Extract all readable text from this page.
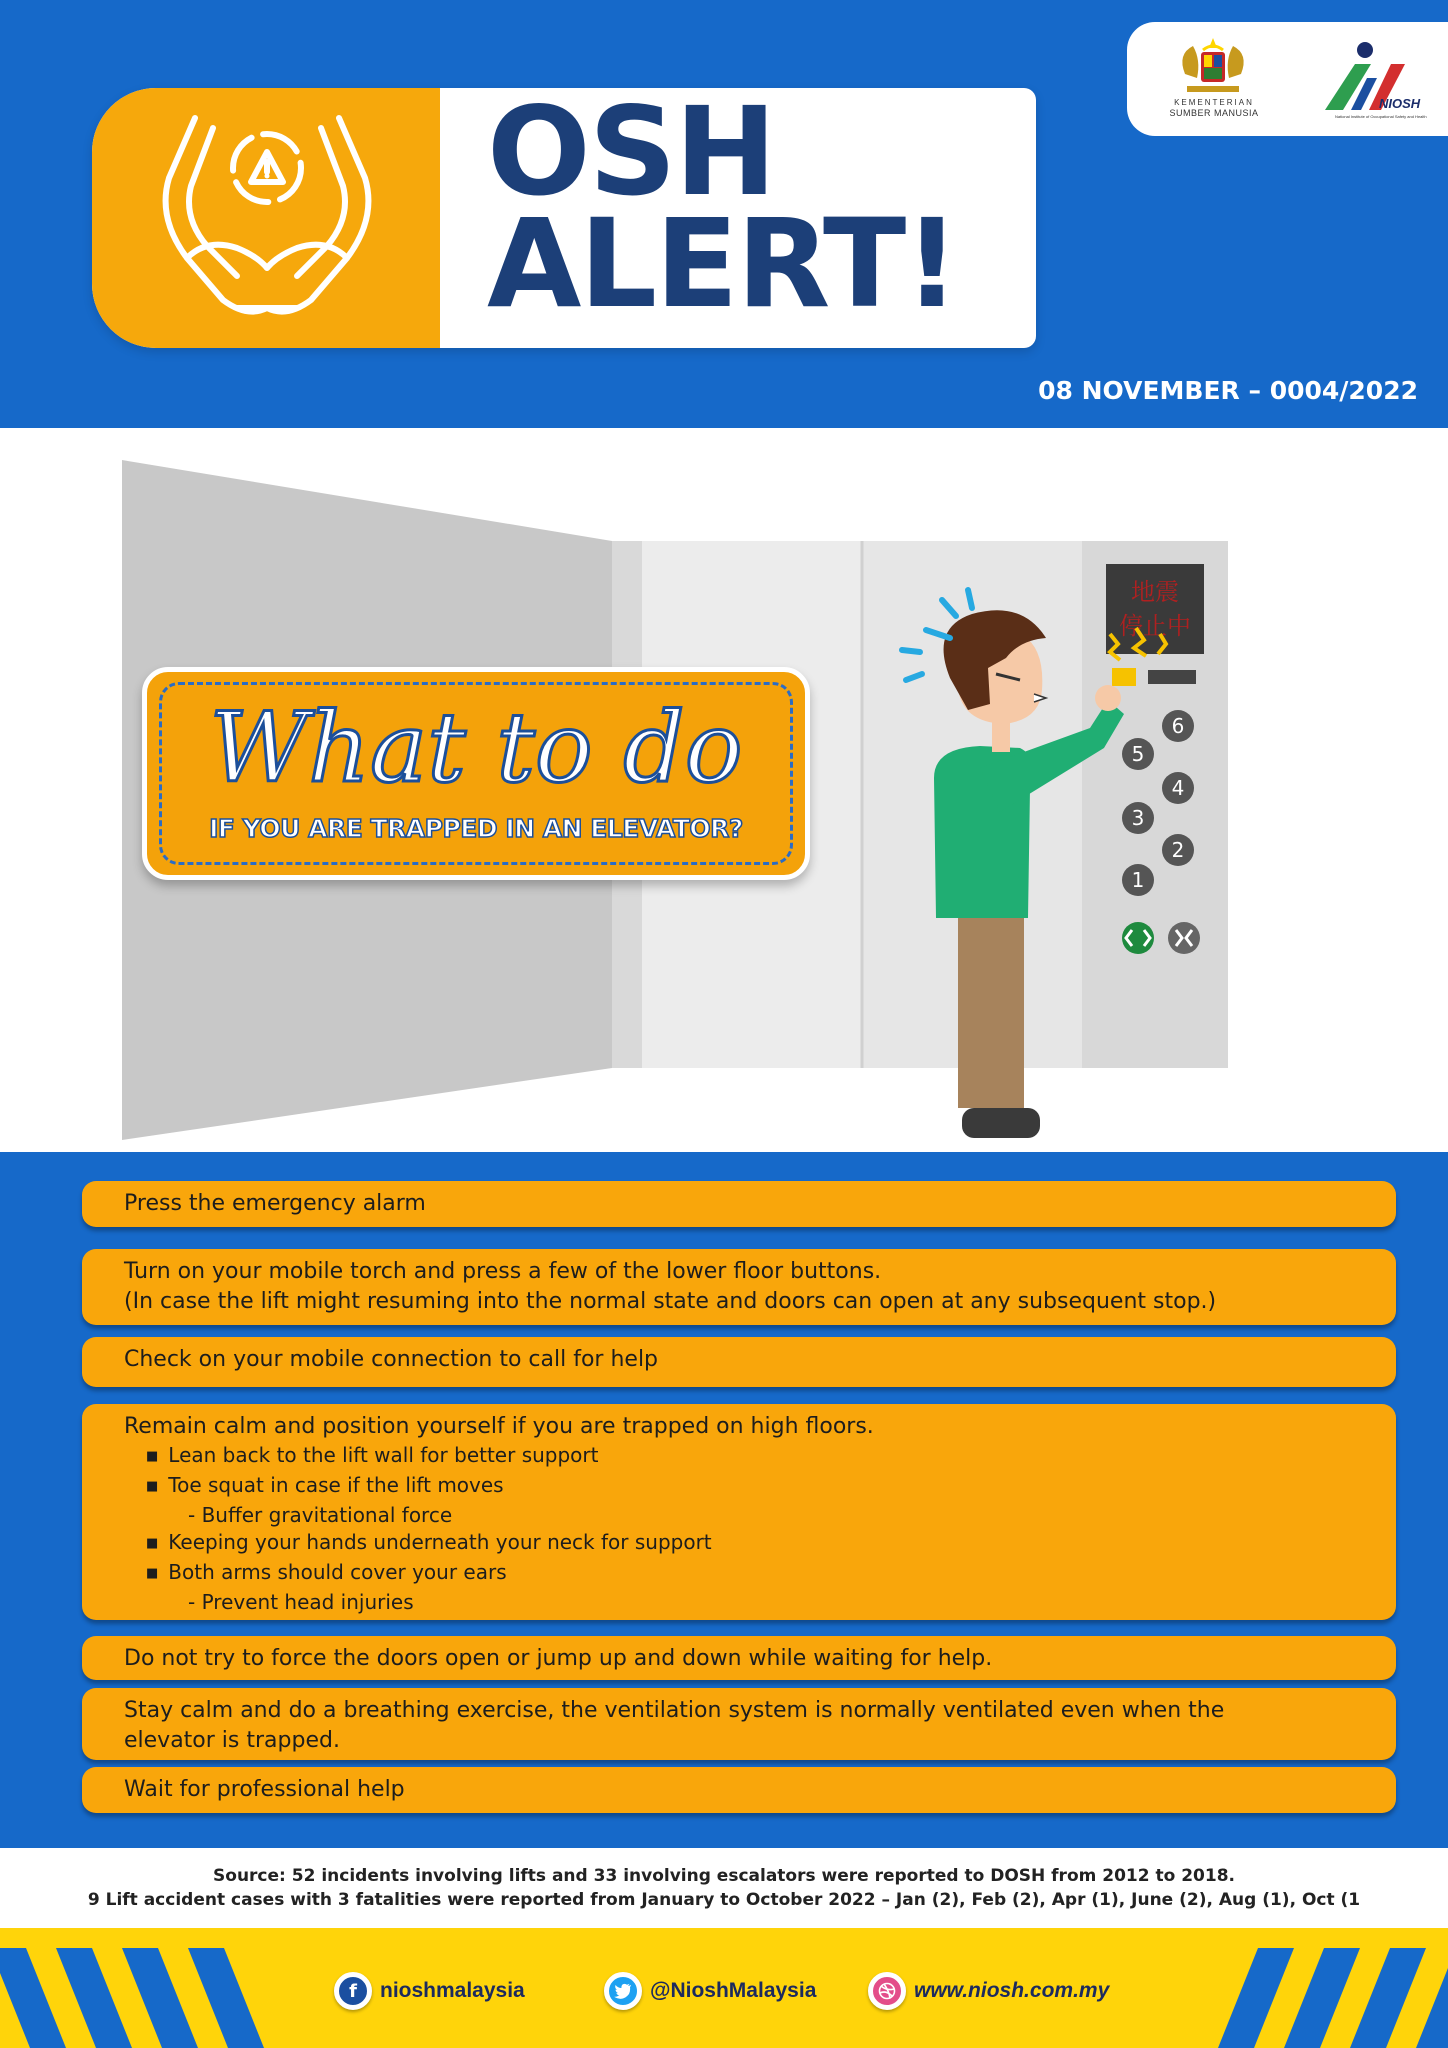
KEMENTERIAN
SUMBER MANUSIA
NIOSH
National Institute of Occupational Safety and Health
OSH
ALERT!
08 NOVEMBER – 0004/2022
地震
停止中
6
5
4
3
2
1
What to do
IF YOU ARE TRAPPED IN AN ELEVATOR?
Press the emergency alarm
Turn on your mobile torch and press a few of the lower floor buttons.
(In case the lift might resuming into the normal state and doors can open at any subsequent stop.)
Check on your mobile connection to call for help
Remain calm and position yourself if you are trapped on high floors.
■ Lean back to the lift wall for better support
■ Toe squat in case if the lift moves
- Buffer gravitational force
■ Keeping your hands underneath your neck for support
■ Both arms should cover your ears
- Prevent head injuries
Do not try to force the doors open or jump up and down while waiting for help.
Stay calm and do a breathing exercise, the ventilation system is normally ventilated even when the
elevator is trapped.
Wait for professional help
Source: 52 incidents involving lifts and 33 involving escalators were reported to DOSH from 2012 to 2018.
9 Lift accident cases with 3 fatalities were reported from January to October 2022 – Jan (2), Feb (2), Apr (1), June (2), Aug (1), Oct (1
f	nioshmalaysia	@NioshMalaysia	www.niosh.com.my
